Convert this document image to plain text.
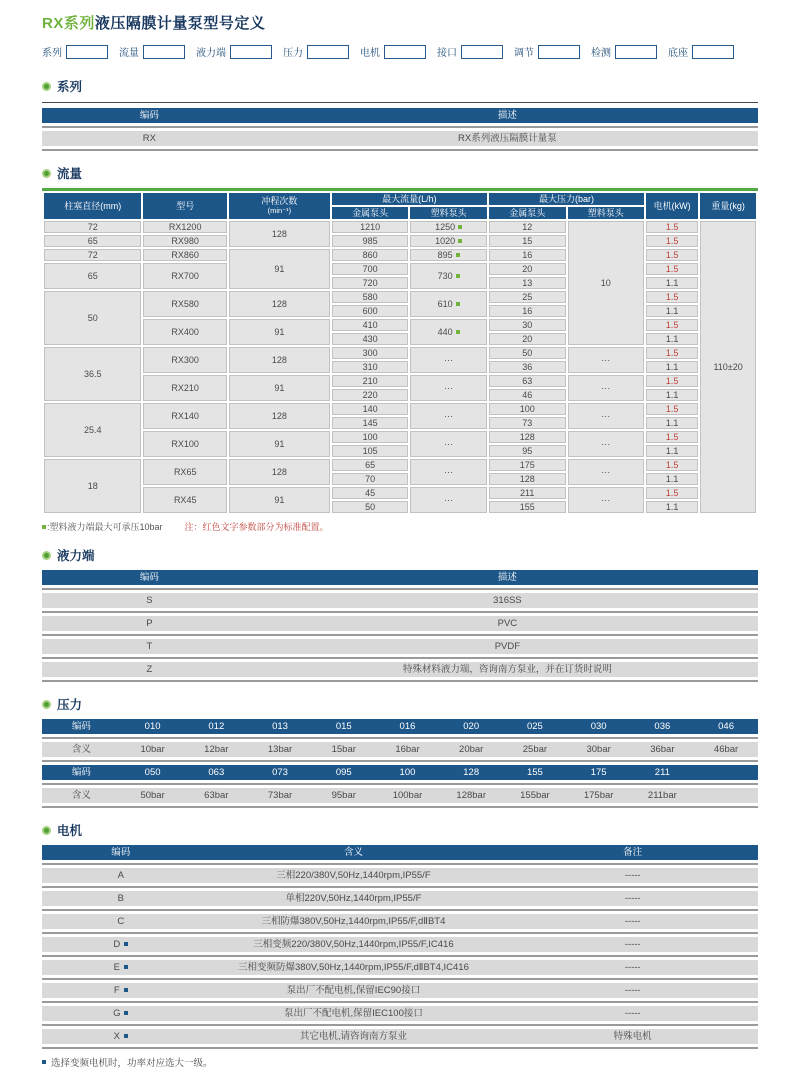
RX系列液压隔膜计量泵型号定义
系列	流量	液力端	压力	电机	接口	调节	检测	底座
系列
编码	描述
RX	RX系列液压隔膜计量泵
流量
柱塞直径(mm)	型号	冲程次数
(min⁻¹)	最大流量(L/h)		最大压力(bar)		电机(kW)	重量(kg)
			金属泵头	塑料泵头	金属泵头	塑料泵头		
72	RX1200	128	1210	1250	12	10	1.5	110±20
65	RX980		985	1020	15		1.5	
72	RX860	91	860	895	16		1.5	
65	RX700		700	730	20		1.5	
			720		13		1.1	
50	RX580	128	580	610	25		1.5	
			600		16		1.1	
	RX400	91	410	440	30		1.5	
			430		20		1.1	
36.5	RX300	128	300	···	50	···	1.5	
			310		36		1.1	
	RX210	91	210	···	63	···	1.5	
			220		46		1.1	
25.4	RX140	128	140	···	100	···	1.5	
			145		73		1.1	
	RX100	91	100	···	128	···	1.5	
			105		95		1.1	
18	RX65	128	65	···	175	···	1.5	
			70		128		1.1	
	RX45	91	45	···	211	···	1.5	
			50		155		1.1	
:塑料液力端最大可承压10bar 注：红色文字参数部分为标准配置。
液力端
编码	描述
S	316SS
P	PVC
T	PVDF
Z	特殊材料液力端，咨询南方泵业，并在订货时说明
压力
编码	010	012	013	015	016	020	025	030	036	046
含义	10bar	12bar	13bar	15bar	16bar	20bar	25bar	30bar	36bar	46bar
编码	050	063	073	095	100	128	155	175	211
含义	50bar	63bar	73bar	95bar	100bar	128bar	155bar	175bar	211bar
电机
编码	含义	备注
A	三相220/380V,50Hz,1440rpm,IP55/F	-----
B	单相220V,50Hz,1440rpm,IP55/F	-----
C	三相防爆380V,50Hz,1440rpm,IP55/F,dⅡBT4	-----
D	三相变频220/380V,50Hz,1440rpm,IP55/F,IC416	-----
E	三相变频防爆380V,50Hz,1440rpm,IP55/F,dⅡBT4,IC416	-----
F	泵出厂不配电机,保留IEC90接口	-----
G	泵出厂不配电机,保留IEC100接口	-----
X	其它电机,请咨询南方泵业	特殊电机
选择变频电机时，功率对应选大一级。
